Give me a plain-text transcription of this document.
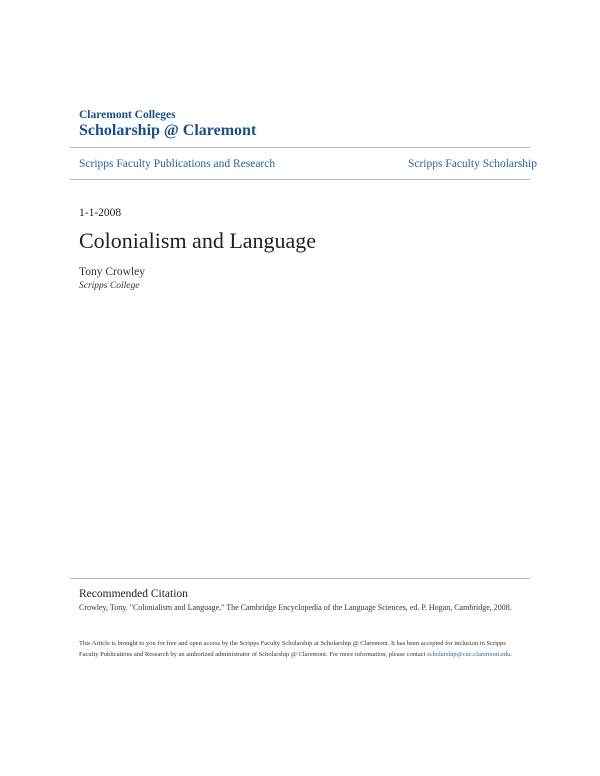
Claremont Colleges
Scholarship @ Claremont
Scripps Faculty Publications and Research	Scripps Faculty Scholarship
1-1-2008
Colonialism and Language
Tony Crowley
Scripps College
Recommended Citation
Crowley, Tony. "Colonialism and Language," The Cambridge Encyclopedia of the Language Sciences, ed. P. Hogan, Cambridge, 2008.
This Article is brought to you for free and open access by the Scripps Faculty Scholarship at Scholarship @ Claremont. It has been accepted for inclusion in Scripps Faculty Publications and Research by an authorized administrator of Scholarship @ Claremont. For more information, please contact scholarship@cuc.claremont.edu.
